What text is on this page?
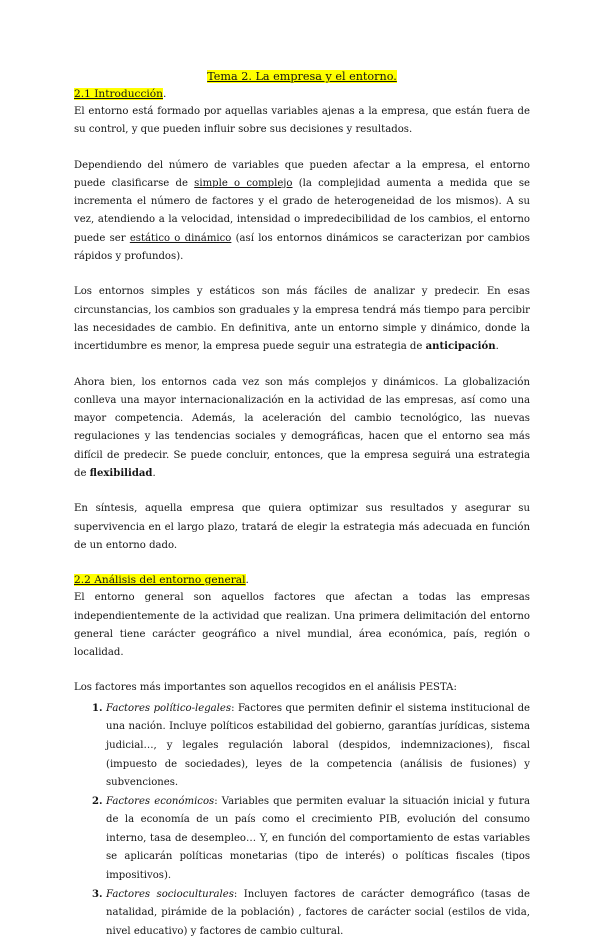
Tema 2. La empresa y el entorno.
2.1 Introducción.

El entorno está formado por aquellas variables ajenas a la empresa, que están fuera de su control, y que pueden influir sobre sus decisiones y resultados.

Dependiendo del número de variables que pueden afectar a la empresa, el entorno puede clasificarse de simple o complejo (la complejidad aumenta a medida que se incrementa el número de factores y el grado de heterogeneidad de los mismos). A su vez, atendiendo a la velocidad, intensidad o impredecibilidad de los cambios, el entorno puede ser estático o dinámico (así los entornos dinámicos se caracterizan por cambios rápidos y profundos).

Los entornos simples y estáticos son más fáciles de analizar y predecir. En esas circunstancias, los cambios son graduales y la empresa tendrá más tiempo para percibir las necesidades de cambio. En definitiva, ante un entorno simple y dinámico, donde la incertidumbre es menor, la empresa puede seguir una estrategia de anticipación.

Ahora bien, los entornos cada vez son más complejos y dinámicos. La globalización conlleva una mayor internacionalización en la actividad de las empresas, así como una mayor competencia. Además, la aceleración del cambio tecnológico, las nuevas regulaciones y las tendencias sociales y demográficas, hacen que el entorno sea más difícil de predecir. Se puede concluir, entonces, que la empresa seguirá una estrategia de flexibilidad.

En síntesis, aquella empresa que quiera optimizar sus resultados y asegurar su supervivencia en el largo plazo, tratará de elegir la estrategia más adecuada en función de un entorno dado.

2.2 Análisis del entorno general.

El entorno general son aquellos factores que afectan a todas las empresas independientemente de la actividad que realizan. Una primera delimitación del entorno general tiene carácter geográfico a nivel mundial, área económica, país, región o localidad.

Los factores más importantes son aquellos recogidos en el análisis PESTA:

1. Factores político-legales: Factores que permiten definir el sistema institucional de una nación. Incluye políticos estabilidad del gobierno, garantías jurídicas, sistema judicial…, y legales regulación laboral (despidos, indemnizaciones), fiscal (impuesto de sociedades), leyes de la competencia (análisis de fusiones) y subvenciones.
2. Factores económicos: Variables que permiten evaluar la situación inicial y futura de la economía de un país como el crecimiento PIB, evolución del consumo interno, tasa de desempleo… Y, en función del comportamiento de estas variables se aplicarán políticas monetarias (tipo de interés) o políticas fiscales (tipos impositivos).
3. Factores socioculturales: Incluyen factores de carácter demográfico (tasas de natalidad, pirámide de la población) , factores de carácter social (estilos de vida, nivel educativo) y factores de cambio cultural.
